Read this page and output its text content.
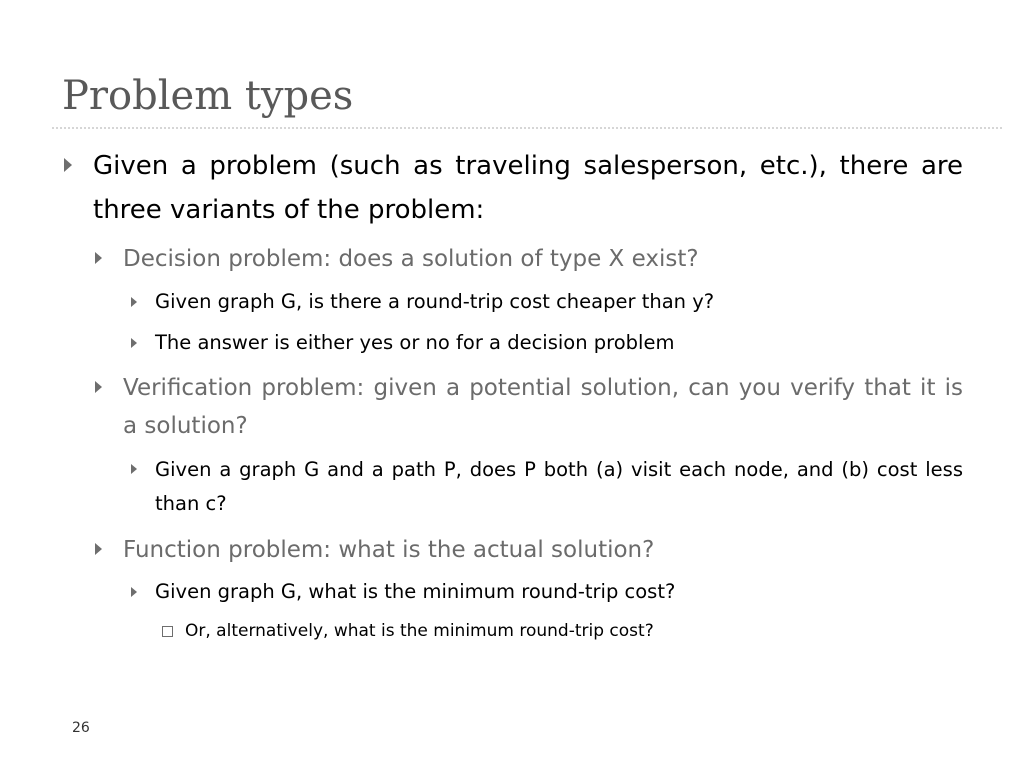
Problem types
Given a problem (such as traveling salesperson, etc.), there are three variants of the problem:
Decision problem: does a solution of type X exist?
Given graph G, is there a round-trip cost cheaper than y?
The answer is either yes or no for a decision problem
Verification problem: given a potential solution, can you verify that it is a solution?
Given a graph G and a path P, does P both (a) visit each node, and (b) cost less than c?
Function problem: what is the actual solution?
Given graph G, what is the minimum round-trip cost?
Or, alternatively, what is the minimum round-trip cost?
26
